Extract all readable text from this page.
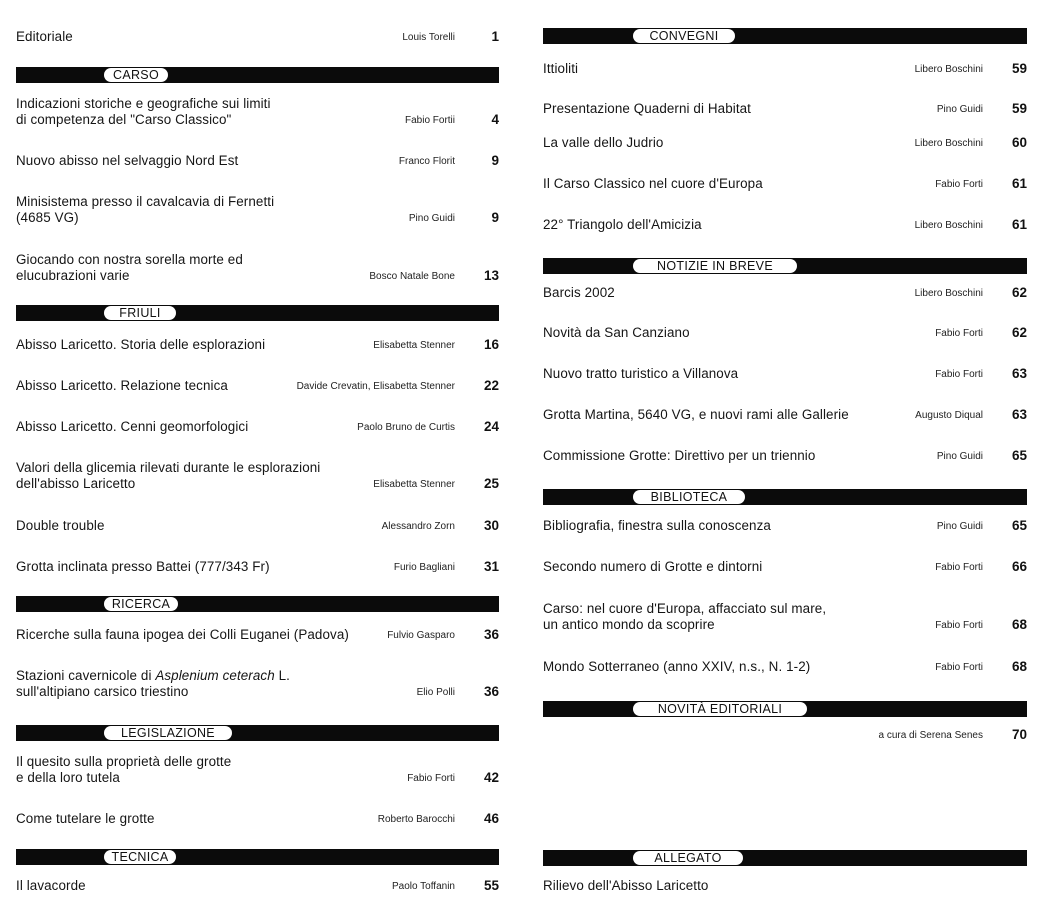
Editoriale	Louis Torelli	1
CARSO
Indicazioni storiche e geografiche sui limiti
di competenza del "Carso Classico"	Fabio Fortii	4
Nuovo abisso nel selvaggio Nord Est	Franco Florit	9
Minisistema presso il cavalcavia di Fernetti
(4685 VG)	Pino Guidi	9
Giocando con nostra sorella morte ed
elucubrazioni varie	Bosco Natale Bone	13
FRIULI
Abisso Laricetto. Storia delle esplorazioni	Elisabetta Stenner	16
Abisso Laricetto. Relazione tecnica	Davide Crevatin, Elisabetta Stenner	22
Abisso Laricetto. Cenni geomorfologici	Paolo Bruno de Curtis	24
Valori della glicemia rilevati durante le esplorazioni
dell'abisso Laricetto	Elisabetta Stenner	25
Double trouble	Alessandro Zorn	30
Grotta inclinata presso Battei (777/343 Fr)	Furio Bagliani	31
RICERCA
Ricerche sulla fauna ipogea dei Colli Euganei (Padova)	Fulvio Gasparo	36
Stazioni cavernicole di Asplenium ceterach L.
sull'altipiano carsico triestino	Elio Polli	36
LEGISLAZIONE
Il quesito sulla proprietà delle grotte
e della loro tutela	Fabio Forti	42
Come tutelare le grotte	Roberto Barocchi	46
TECNICA
Il lavacorde	Paolo Toffanin	55
CONVEGNI
Ittioliti	Libero Boschini	59
Presentazione Quaderni di Habitat	Pino Guidi	59
La valle dello Judrio	Libero Boschini	60
Il Carso Classico nel cuore d'Europa	Fabio Forti	61
22° Triangolo dell'Amicizia	Libero Boschini	61
NOTIZIE IN BREVE
Barcis 2002	Libero Boschini	62
Novità da San Canziano	Fabio Forti	62
Nuovo tratto turistico a Villanova	Fabio Forti	63
Grotta Martina, 5640 VG, e nuovi rami alle Gallerie	Augusto Diqual	63
Commissione Grotte: Direttivo per un triennio	Pino Guidi	65
BIBLIOTECA
Bibliografia, finestra sulla conoscenza	Pino Guidi	65
Secondo numero di Grotte e dintorni	Fabio Forti	66
Carso: nel cuore d'Europa, affacciato sul mare,
un antico mondo da scoprire	Fabio Forti	68
Mondo Sotterraneo (anno XXIV, n.s., N. 1-2)	Fabio Forti	68
NOVITÀ EDITORIALI
a cura di Serena Senes	70
ALLEGATO
Rilievo dell'Abisso Laricetto
